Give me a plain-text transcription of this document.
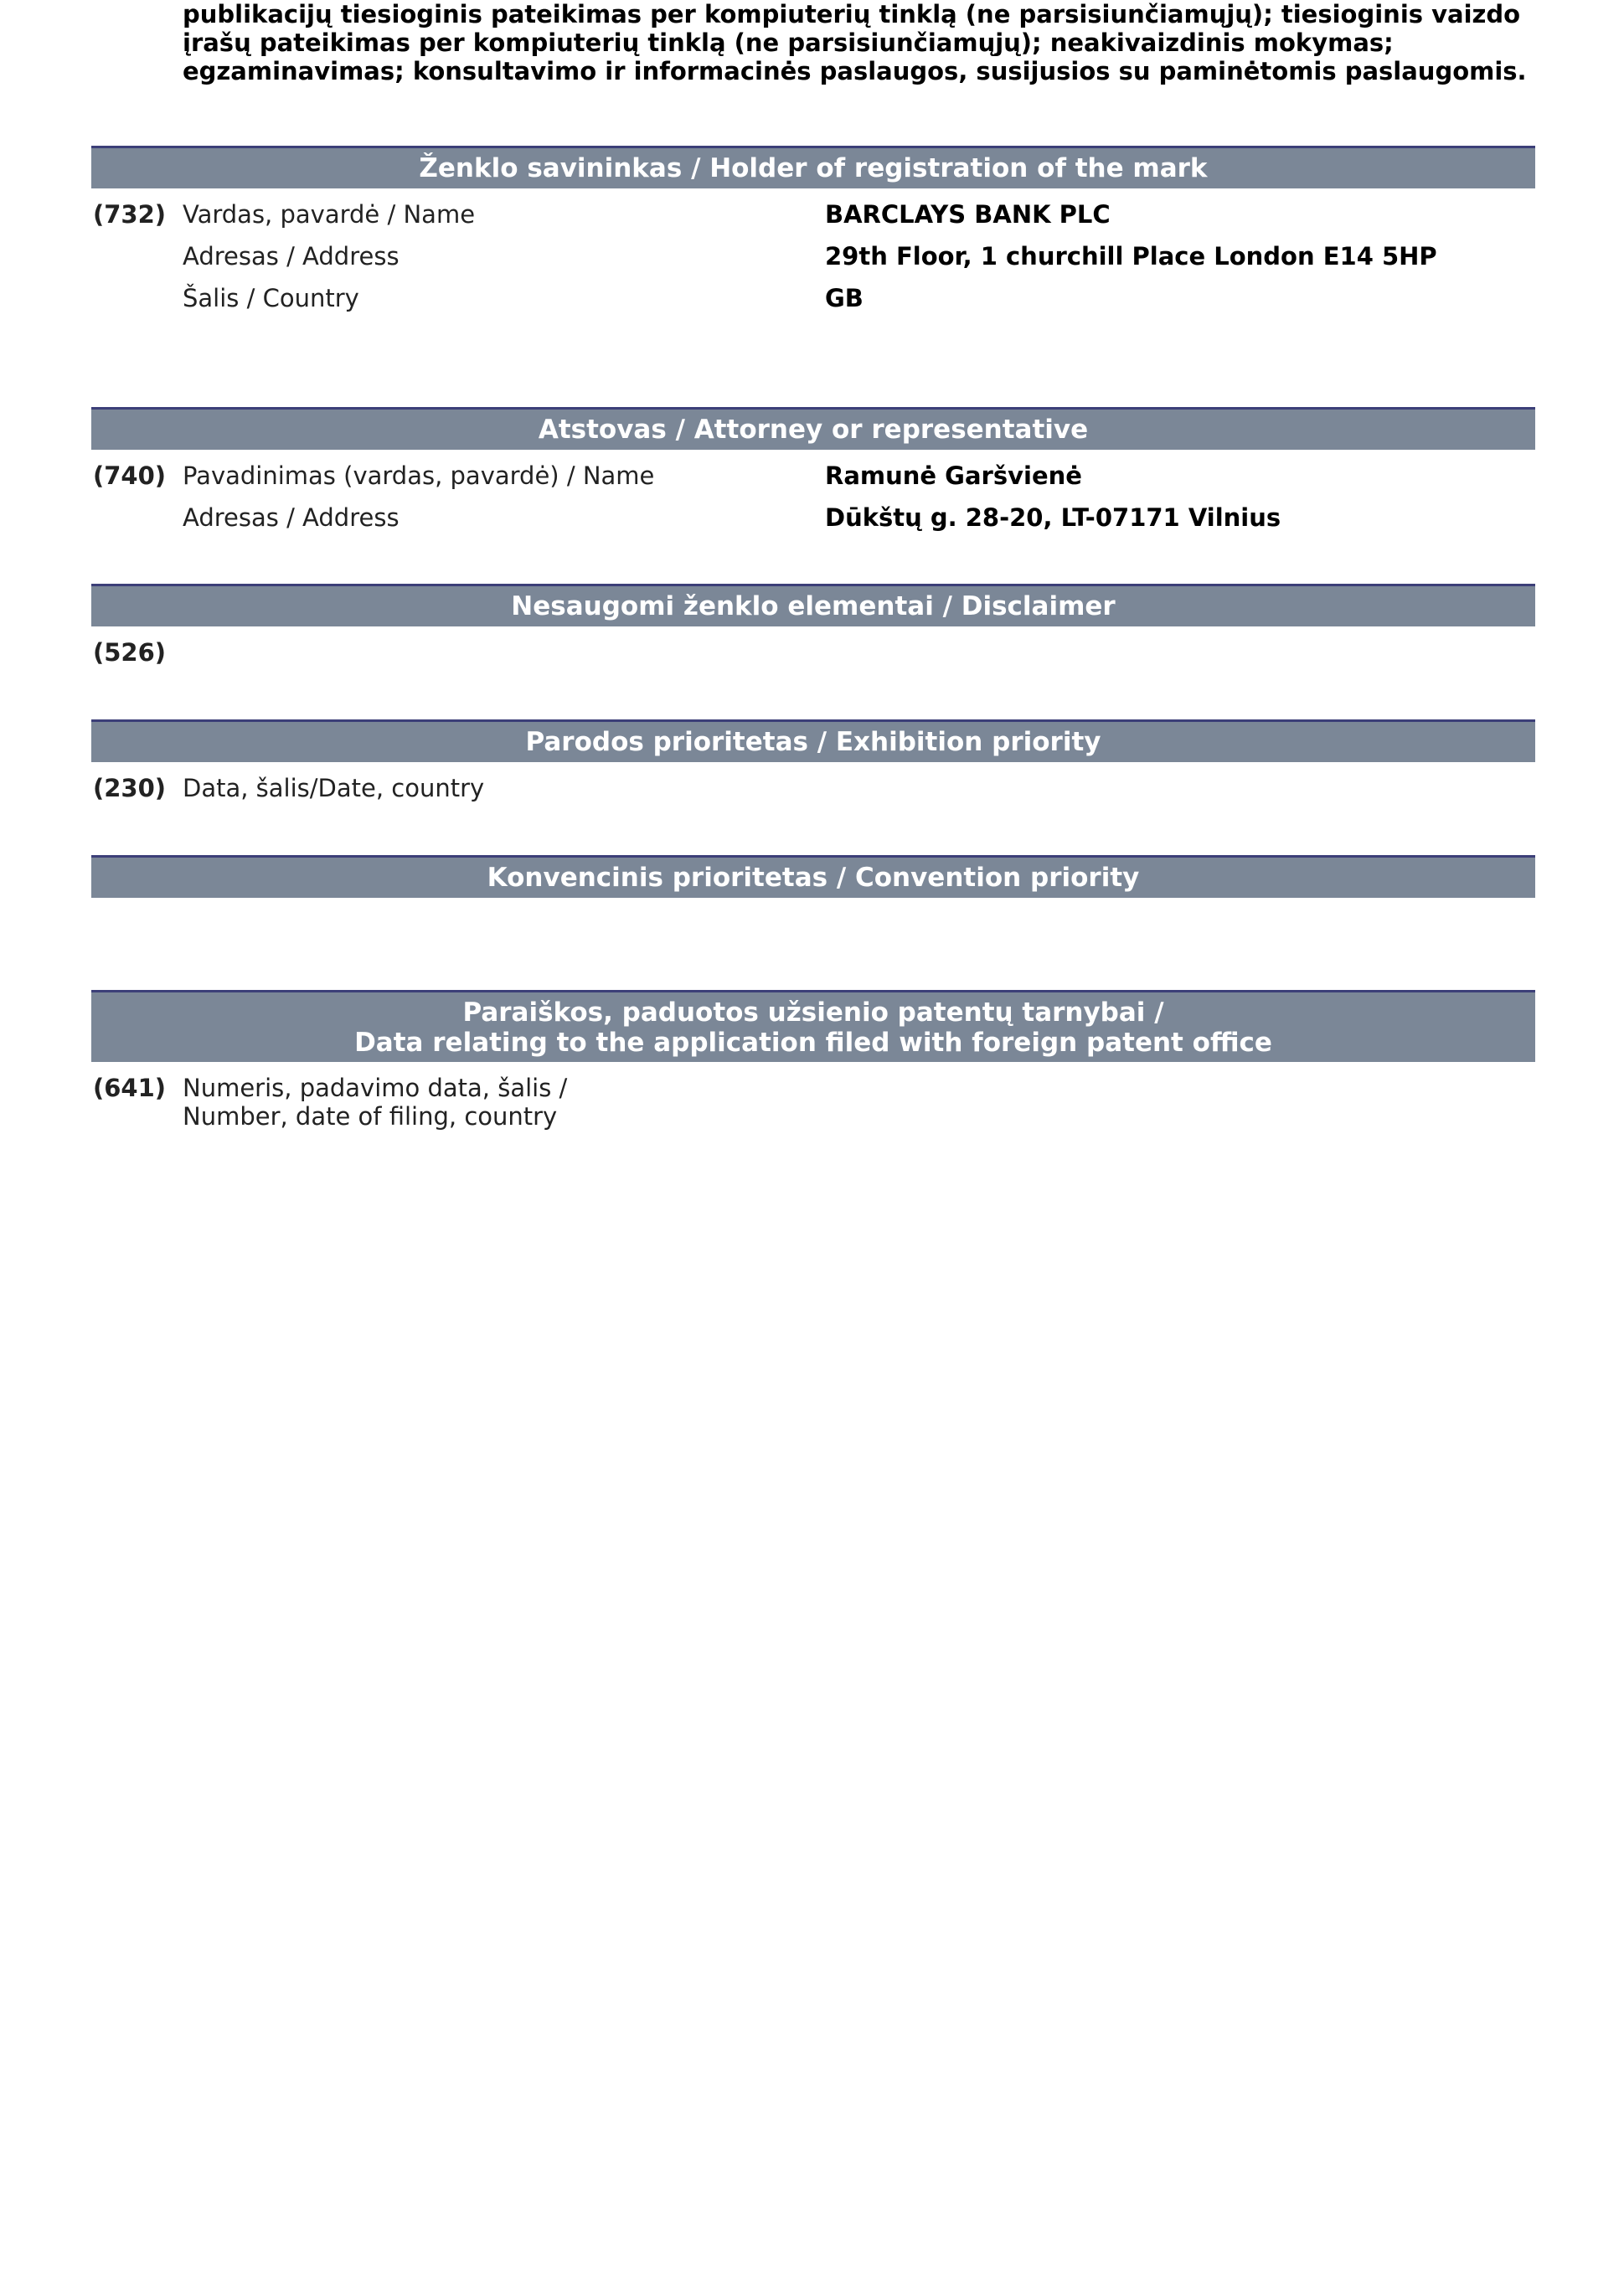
publikacijų tiesioginis pateikimas per kompiuterių tinklą (ne parsisiunčiamųjų); tiesioginis vaizdo
įrašų pateikimas per kompiuterių tinklą (ne parsisiunčiamųjų); neakivaizdinis mokymas;
egzaminavimas; konsultavimo ir informacinės paslaugos, susijusios su paminėtomis paslaugomis.
Ženklo savininkas / Holder of registration of the mark
(732) Vardas, pavardė / Name	BARCLAYS BANK PLC
Adresas / Address	29th Floor, 1 churchill Place London E14 5HP
Šalis / Country	GB
Atstovas / Attorney or representative
(740) Pavadinimas (vardas, pavardė) / Name	Ramunė Garšvienė
Adresas / Address	Dūkštų g. 28-20, LT-07171 Vilnius
Nesaugomi ženklo elementai / Disclaimer
(526)
Parodos prioritetas / Exhibition priority
(230) Data, šalis/Date, country
Konvencinis prioritetas / Convention priority
Paraiškos, paduotos užsienio patentų tarnybai /
Data relating to the application filed with foreign patent office
(641) Numeris, padavimo data, šalis /
Number, date of filing, country
